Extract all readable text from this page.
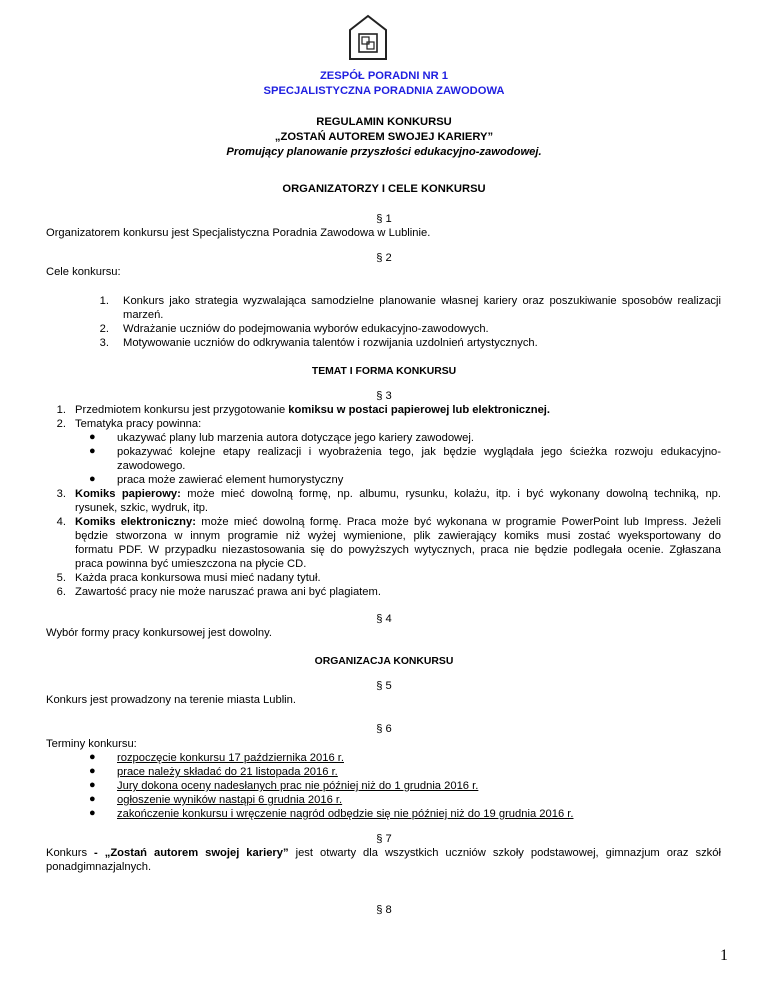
ZESPÓŁ PORADNI NR 1
SPECJALISTYCZNA PORADNIA ZAWODOWA
REGULAMIN KONKURSU
„ZOSTAŃ AUTOREM SWOJEJ KARIERY”
Promujący planowanie przyszłości edukacyjno-zawodowej.
ORGANIZATORZY I CELE KONKURSU
§ 1
Organizatorem konkursu jest Specjalistyczna Poradnia Zawodowa w Lublinie.
§ 2
Cele konkursu:
1. Konkurs jako strategia wyzwalająca samodzielne planowanie własnej kariery oraz poszukiwanie sposobów realizacji
marzeń.
2. Wdrażanie uczniów do podejmowania wyborów edukacyjno-zawodowych.
3. Motywowanie uczniów do odkrywania talentów i rozwijania uzdolnień artystycznych.
TEMAT I FORMA KONKURSU
§ 3
1. Przedmiotem konkursu jest przygotowanie komiksu w postaci papierowej lub elektronicznej.
2. Tematyka pracy powinna:
● ukazywać plany lub marzenia autora dotyczące jego kariery zawodowej.
● pokazywać kolejne etapy realizacji i wyobrażenia tego, jak będzie wyglądała jego ścieżka rozwoju edukacyjno-
zawodowego.
● praca może zawierać element humorystyczny
3. Komiks papierowy: może mieć dowolną formę, np. albumu, rysunku, kolażu, itp. i być wykonany dowolną techniką, np.
rysunek, szkic, wydruk, itp.
4. Komiks elektroniczny: może mieć dowolną formę. Praca może być wykonana w programie PowerPoint lub Impress. Jeżeli
będzie stworzona w innym programie niż wyżej wymienione, plik zawierający komiks musi zostać wyeksportowany do
formatu PDF. W przypadku niezastosowania się do powyższych wytycznych, praca nie będzie podlegała ocenie. Zgłaszana
praca powinna być umieszczona na płycie CD.
5. Każda praca konkursowa musi mieć nadany tytuł.
6. Zawartość pracy nie może naruszać prawa ani być plagiatem.
§ 4
Wybór formy pracy konkursowej jest dowolny.
ORGANIZACJA KONKURSU
§ 5
Konkurs jest prowadzony na terenie miasta Lublin.
§ 6
Terminy konkursu:
● rozpoczęcie konkursu 17 października 2016 r.
● prace należy składać do 21 listopada 2016 r.
● Jury dokona oceny nadesłanych prac nie później niż do 1 grudnia 2016 r.
● ogłoszenie wyników nastąpi 6 grudnia 2016 r.
● zakończenie konkursu i wręczenie nagród odbędzie się nie później niż do 19 grudnia 2016 r.
§ 7
Konkurs - „Zostań autorem swojej kariery” jest otwarty dla wszystkich uczniów szkoły podstawowej, gimnazjum oraz szkół
ponadgimnazjalnych.
§ 8
1
